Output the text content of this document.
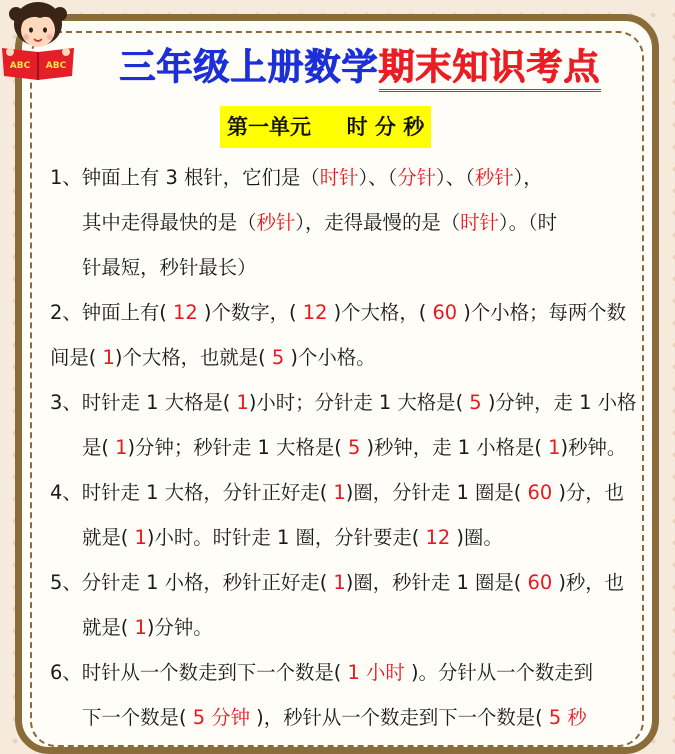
ABC ABC	三年级上册数学期末知识考点
第一单元　  时 分 秒
1、钟面上有 3 根针，它们是（时针）、（分针）、（秒针），
其中走得最快的是（秒针），走得最慢的是（时针）。（时
针最短，秒针最长）
2、钟面上有( 12 )个数字，( 12 )个大格，( 60 )个小格；每两个数
间是( 1)个大格，也就是( 5 )个小格。
3、时针走 1 大格是( 1)小时；分针走 1 大格是( 5 )分钟，走 1 小格
是( 1)分钟；秒针走 1 大格是( 5 )秒钟，走 1 小格是( 1)秒钟。
4、时针走 1 大格，分针正好走( 1)圈，分针走 1 圈是( 60 )分，也
就是( 1)小时。时针走 1 圈，分针要走( 12 )圈。
5、分针走 1 小格，秒针正好走( 1)圈，秒针走 1 圈是( 60 )秒，也
就是( 1)分钟。
6、时针从一个数走到下一个数是( 1 小时 )。分针从一个数走到
下一个数是( 5 分钟 )，秒针从一个数走到下一个数是( 5 秒
